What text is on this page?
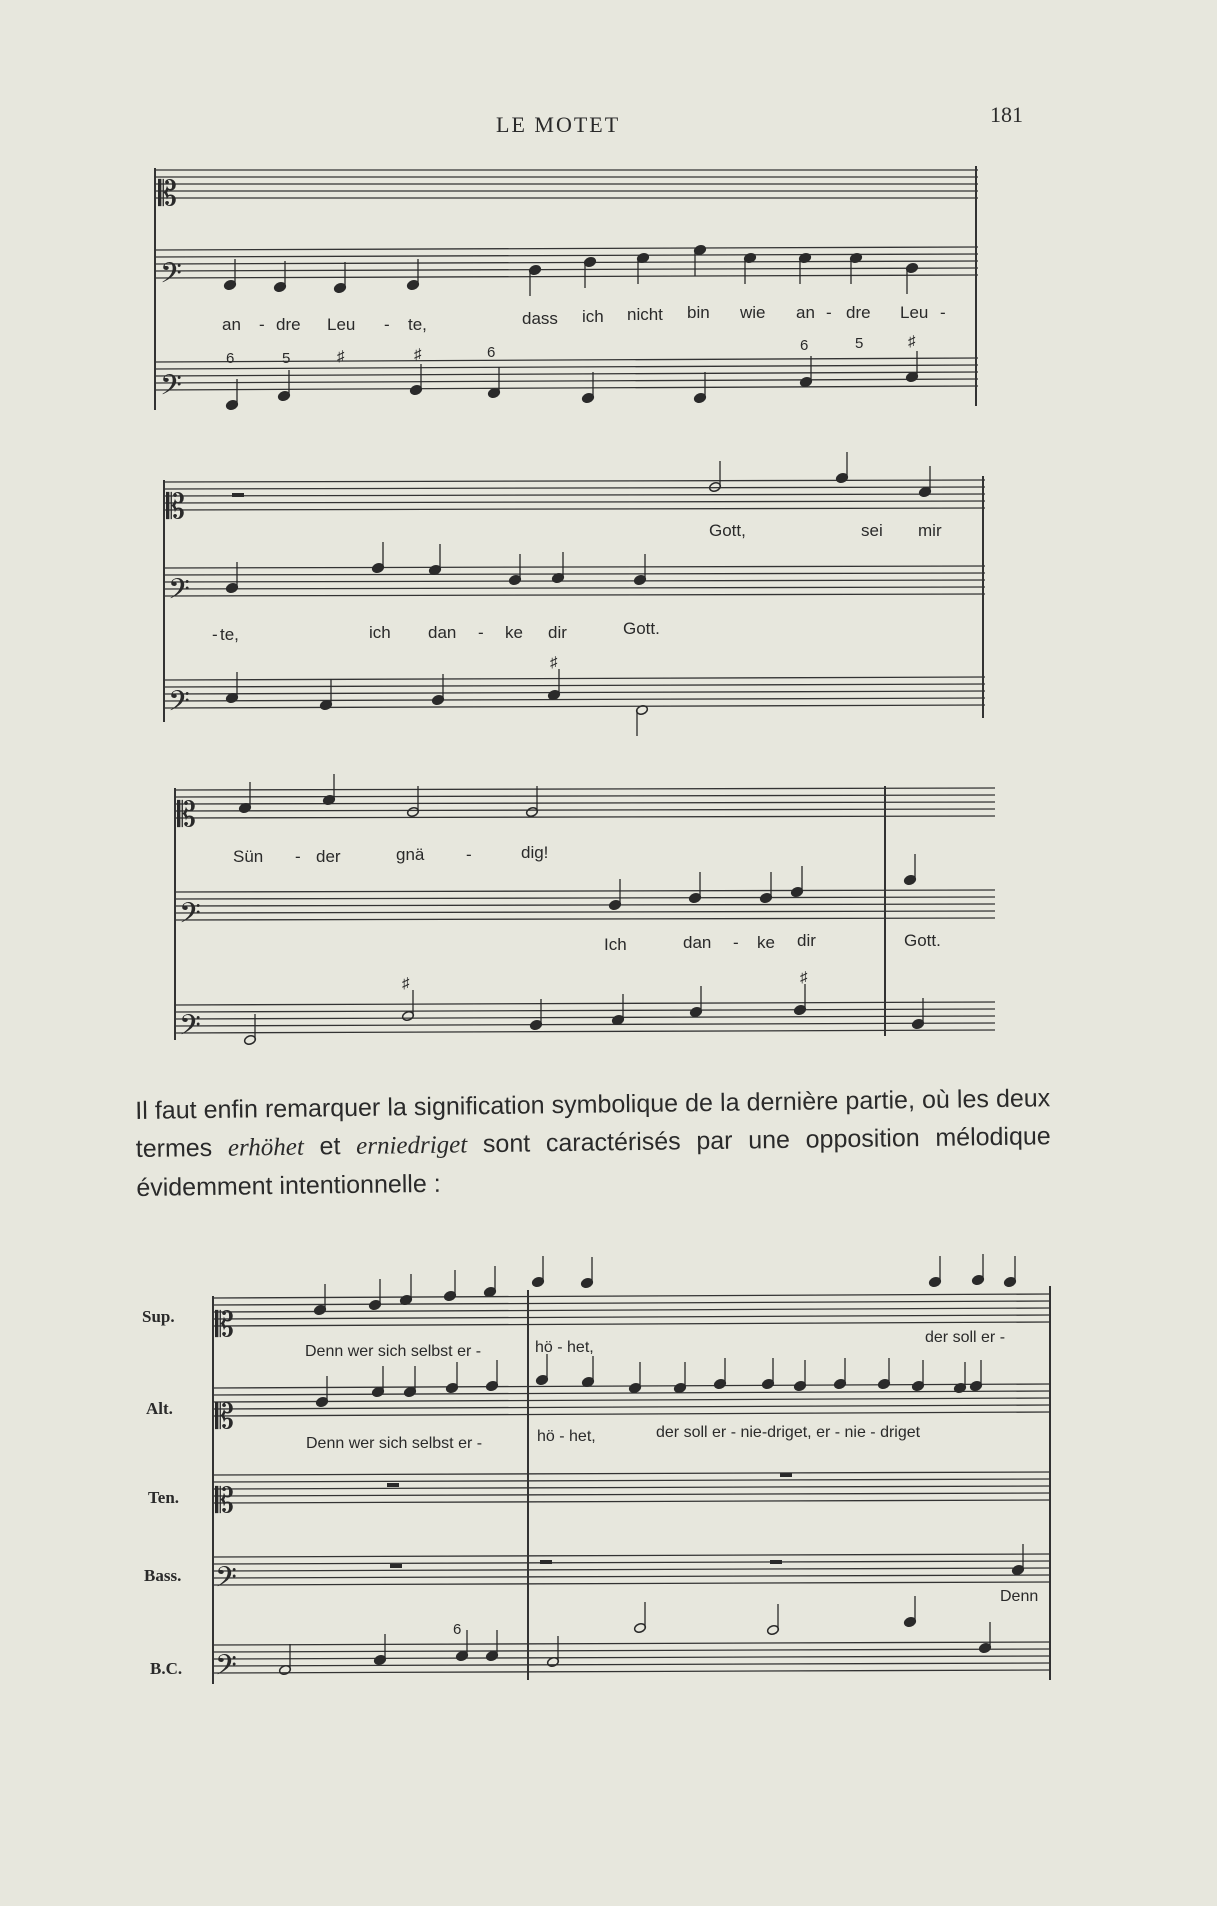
LE MOTET	181
𝄡
𝄢
𝄢
𝄡
𝄢
𝄢
𝄡
𝄢
𝄢
𝄡
𝄡
𝄡
𝄢
𝄢
an - dre Leu - te,	dass ich nicht bin wie an - dre Leu -
6	5	♯	♯	6	6	5	♯
Gott,	sei mir
- te,	ich dan - ke dir	Gott.
♯
Sün - der	gnä -	dig!
Ich	dan - ke dir	Gott.
♯	♯
Sup.
Alt.
Ten.
Bass.
B.C.
Denn wer sich selbst er -	hö - het,
der soll er -
Denn wer sich selbst er -	hö - het,	der soll er - nie-driget, er - nie - driget
Denn
6
Il faut enfin remarquer la signification symbolique de la dernière partie, où les deux termes erhöhet et erniedriget sont caractérisés par une opposition mélodique évidemment intentionnelle :
